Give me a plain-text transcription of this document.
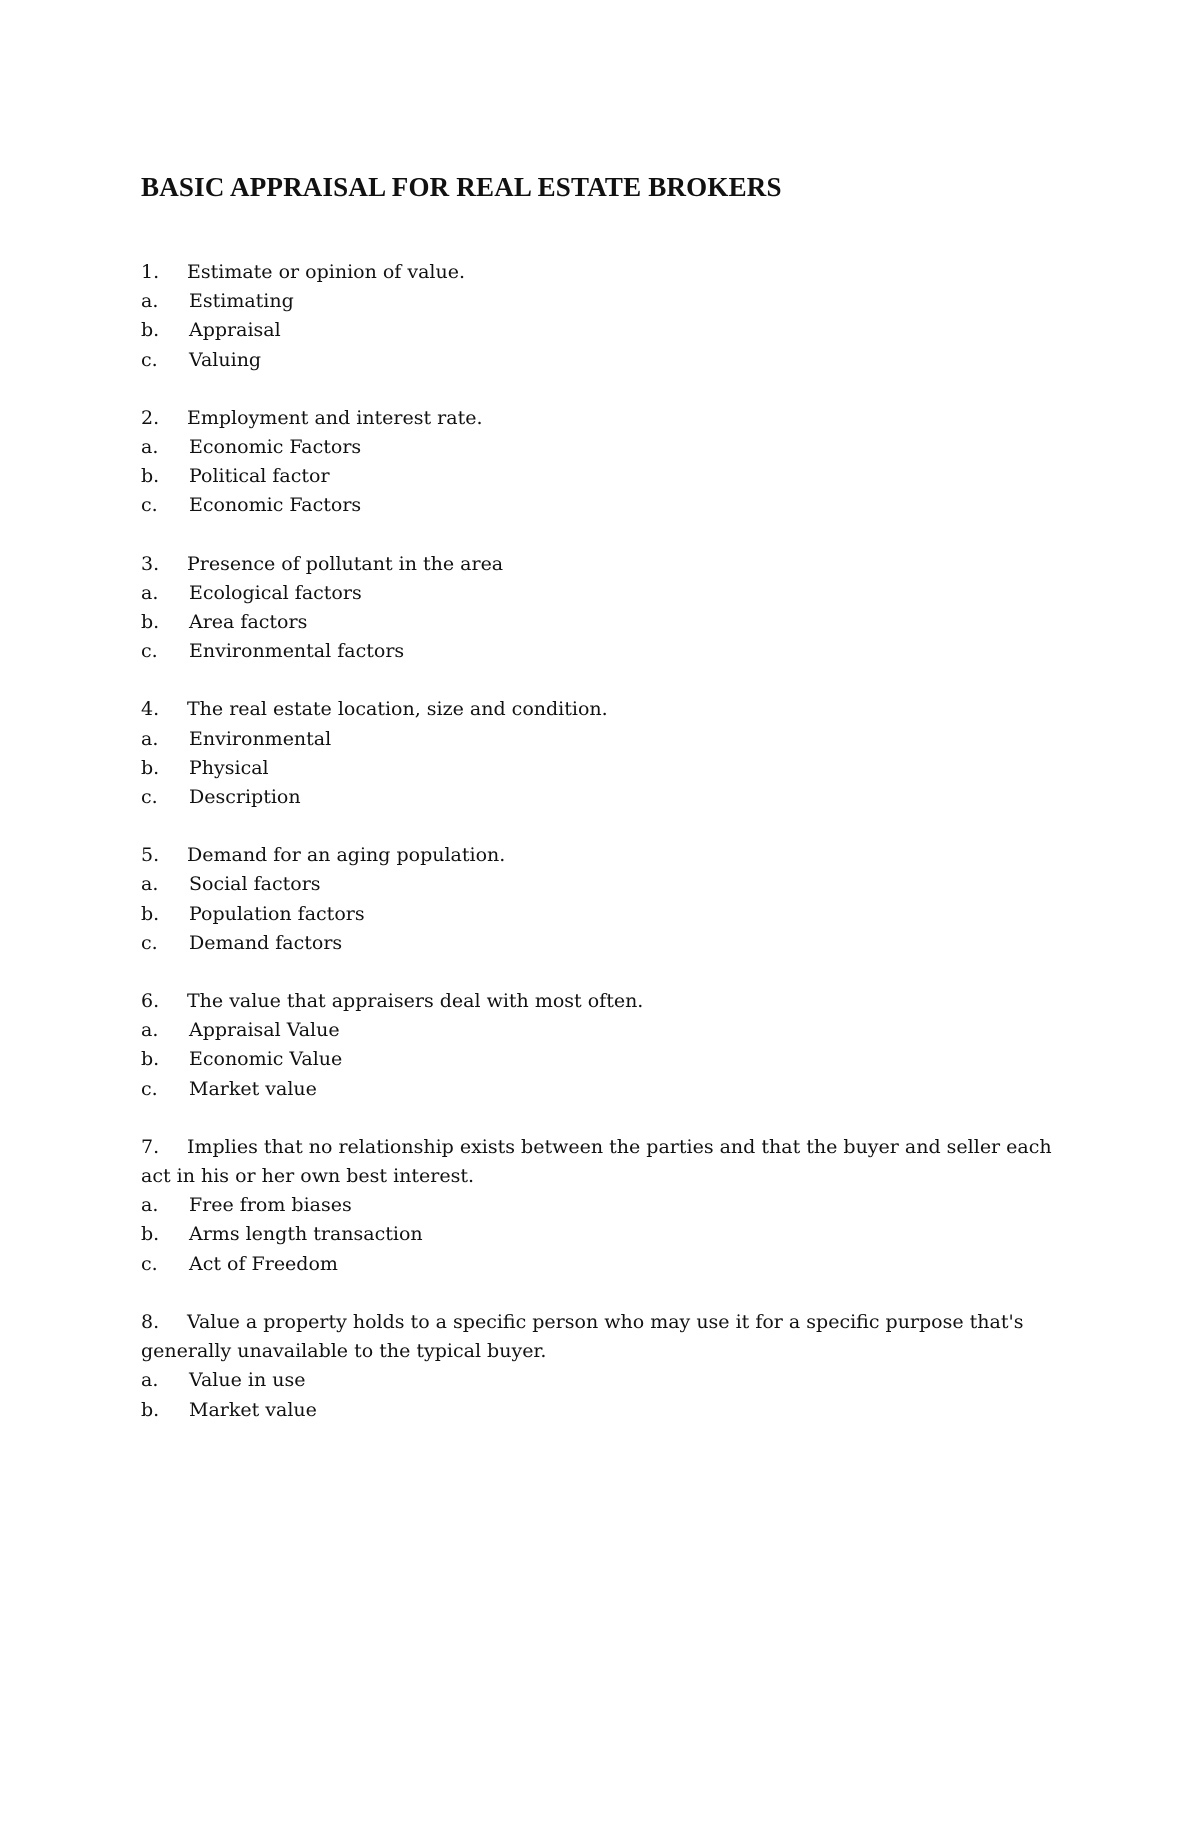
BASIC APPRAISAL FOR REAL ESTATE BROKERS
1.	Estimate or opinion of value.
a.	Estimating
b.	Appraisal
c.	Valuing
2.	Employment and interest rate.
a.	Economic Factors
b.	Political factor
c.	Economic Factors
3.	Presence of pollutant in the area
a.	Ecological factors
b.	Area factors
c.	Environmental factors
4.	The real estate location, size and condition.
a.	Environmental
b.	Physical
c.	Description
5.	Demand for an aging population.
a.	Social factors
b.	Population factors
c.	Demand factors
6.	The value that appraisers deal with most often.
a.	Appraisal Value
b.	Economic Value
c.	Market value
7. Implies that no relationship exists between the parties and that the buyer and seller each act in his or her own best interest.
a.	Free from biases
b.	Arms length transaction
c.	Act of Freedom
8. Value a property holds to a specific person who may use it for a specific purpose that's generally unavailable to the typical buyer.
a.	Value in use
b.	Market value
